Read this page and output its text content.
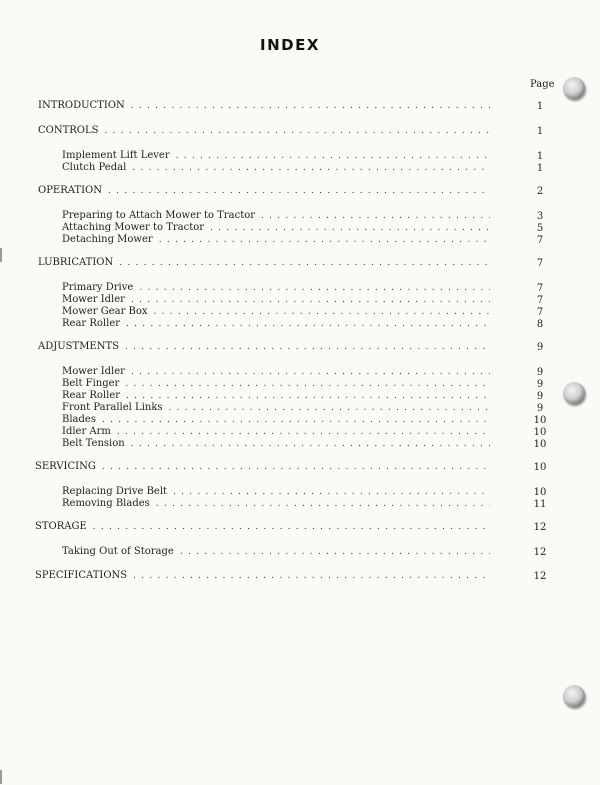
INDEX
Page
INTRODUCTION . . .	1
CONTROLS . . .	1
Implement Lift Lever . . .	1
Clutch Pedal . . .	1
OPERATION . . .	2
Preparing to Attach Mower to Tractor . . .	3
Attaching Mower to Tractor . . .	5
Detaching Mower . . .	7
LUBRICATION . . .	7
Primary Drive . . .	7
Mower Idler . . .	7
Mower Gear Box . . .	7
Rear Roller . . .	8
ADJUSTMENTS . . .	9
Mower Idler . . .	9
Belt Finger . . .	9
Rear Roller . . .	9
Front Parallel Links . . .	9
Blades . . .	10
Idler Arm . . .	10
Belt Tension . . .	10
SERVICING . . .	10
Replacing Drive Belt . . .	10
Removing Blades . . .	11
STORAGE . . .	12
Taking Out of Storage . . .	12
SPECIFICATIONS . . .	12
